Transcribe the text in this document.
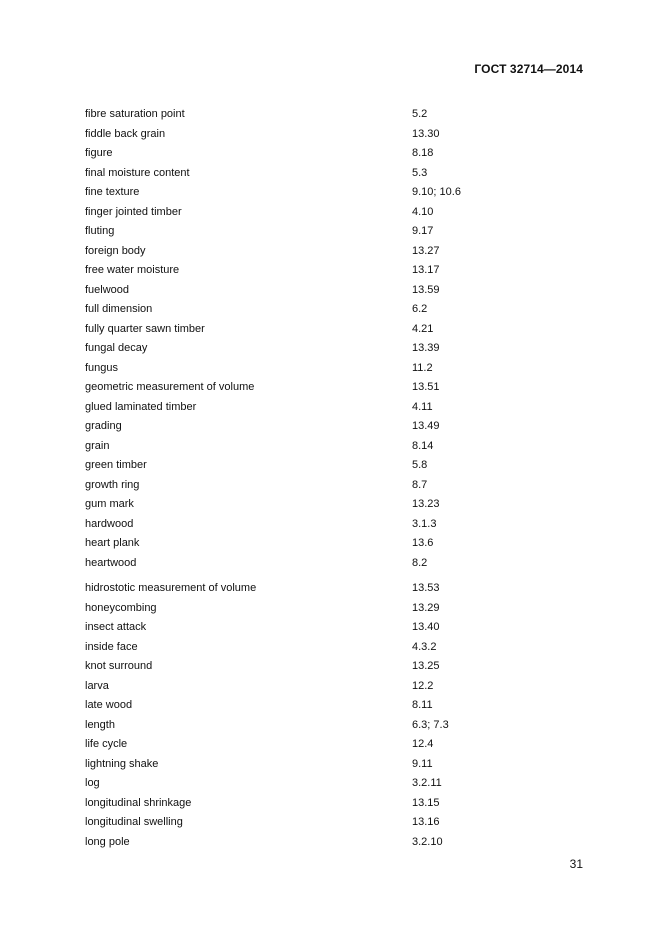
ГОСТ 32714—2014
fibre saturation point	5.2
fiddle back grain	13.30
figure	8.18
final moisture content	5.3
fine texture	9.10; 10.6
finger jointed timber	4.10
fluting	9.17
foreign body	13.27
free water moisture	13.17
fuelwood	13.59
full dimension	6.2
fully quarter sawn timber	4.21
fungal decay	13.39
fungus	11.2
geometric measurement of volume	13.51
glued laminated timber	4.11
grading	13.49
grain	8.14
green timber	5.8
growth ring	8.7
gum mark	13.23
hardwood	3.1.3
heart plank	13.6
heartwood	8.2
hidrostotic measurement of volume	13.53
honeycombing	13.29
insect attack	13.40
inside face	4.3.2
knot surround	13.25
larva	12.2
late wood	8.11
length	6.3; 7.3
life cycle	12.4
lightning shake	9.11
log	3.2.11
longitudinal shrinkage	13.15
longitudinal swelling	13.16
long pole	3.2.10
31
